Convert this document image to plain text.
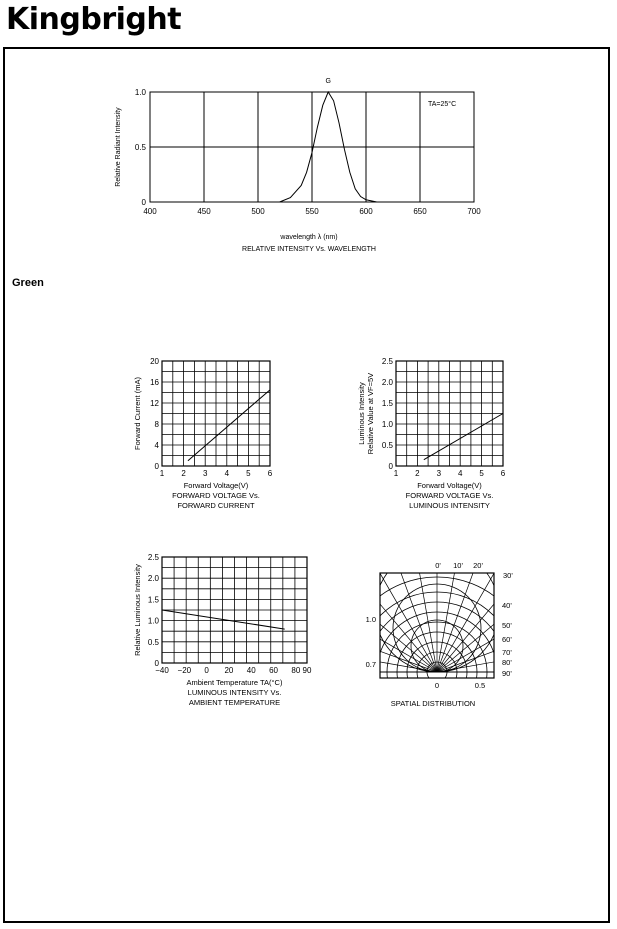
Kingbright
Green
400	450	500	550	600	650	700
0
0.5
1.0
G
TA=25°C
Relative Radiant Intensity
wavelength λ (nm)
RELATIVE INTENSITY Vs. WAVELENGTH
1 2 3 4 5 6
0
4
8
12
16
20
Forward Voltage(V)
FORWARD VOLTAGE Vs.
FORWARD CURRENT
Forward Current (mA)
1 2 3 4 5 6
0
0.5
1.0
1.5
2.0
2.5
Forward Voltage(V)
FORWARD VOLTAGE Vs.
LUMINOUS INTENSITY
Luminous Intensity Relative Value at VF=5V
−40 −20 0 20 40 60 80 90
0
0.5
1.0
1.5
2.0
2.5
Ambient Temperature TA(°C)
LUMINOUS INTENSITY Vs.
AMBIENT TEMPERATURE
Relative Luminous Intensity	0' 10' 20'
30'
40'
50'
60'
70'
80'
90'
1.0
0.7
0	0.5
SPATIAL DISTRIBUTION
